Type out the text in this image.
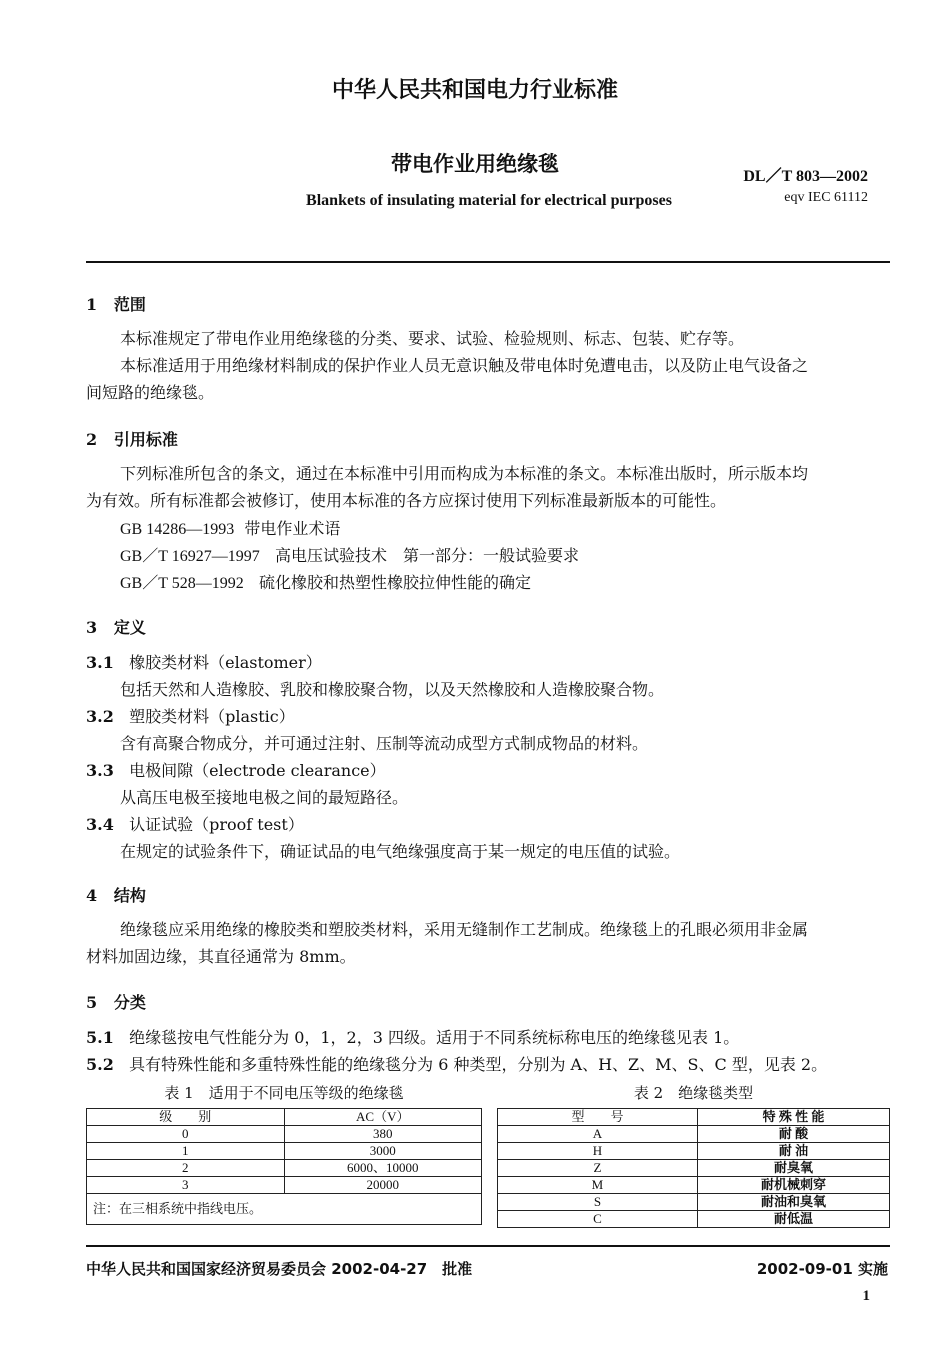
中华人民共和国电力行业标准
带电作业用绝缘毯
DL／T 803—2002
Blankets of insulating material for electrical purposes	eqv IEC 61112
1 范围
本标准规定了带电作业用绝缘毯的分类、要求、试验、检验规则、标志、包装、贮存等。
本标准适用于用绝缘材料制成的保护作业人员无意识触及带电体时免遭电击，以及防止电气设备之
间短路的绝缘毯。
2 引用标准
下列标准所包含的条文，通过在本标准中引用而构成为本标准的条文。本标准出版时，所示版本均
为有效。所有标准都会被修订，使用本标准的各方应探讨使用下列标准最新版本的可能性。
GB 14286—1993 带电作业术语
GB／T 16927—1997 高电压试验技术　第一部分：一般试验要求
GB／T 528—1992 硫化橡胶和热塑性橡胶拉伸性能的确定
3 定义
3.1 橡胶类材料（elastomer）
包括天然和人造橡胶、乳胶和橡胶聚合物，以及天然橡胶和人造橡胶聚合物。
3.2 塑胶类材料（plastic）
含有高聚合物成分，并可通过注射、压制等流动成型方式制成物品的材料。
3.3 电极间隙（electrode clearance）
从高压电极至接地电极之间的最短路径。
3.4 认证试验（proof test）
在规定的试验条件下，确证试品的电气绝缘强度高于某一规定的电压值的试验。
4 结构
绝缘毯应采用绝缘的橡胶类和塑胶类材料，采用无缝制作工艺制成。绝缘毯上的孔眼必须用非金属
材料加固边缘，其直径通常为 8mm。
5 分类
5.1 绝缘毯按电气性能分为 0，1，2，3 四级。适用于不同系统标称电压的绝缘毯见表 1。
5.2 具有特殊性能和多重特殊性能的绝缘毯分为 6 种类型，分别为 A、H、Z、M、S、C 型，见表 2。
表 1　适用于不同电压等级的绝缘毯
级　　别	AC（V）
0	380
1	3000
2	6000、10000
3	20000
注：在三相系统中指线电压。	
表 2　绝缘毯类型
型　　号	特 殊 性 能
A	耐 酸
H	耐 油
Z	耐臭氧
M	耐机械刺穿
S	耐油和臭氧
C	耐低温
中华人民共和国国家经济贸易委员会 2002-04-27　批准	2002-09-01 实施
1
